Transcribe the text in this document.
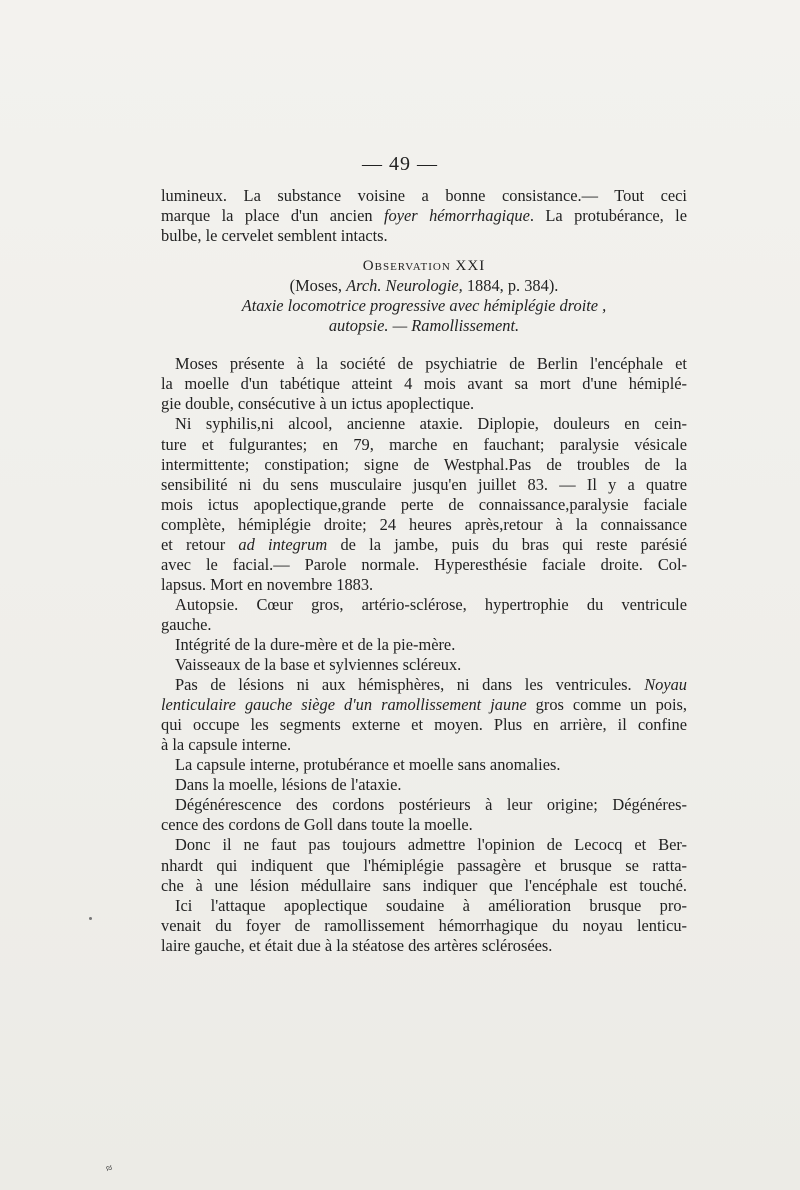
— 49 —
lumineux. La substance voisine a bonne consistance.— Tout ceci
marque la place d'un ancien foyer hémorrhagique. La protubérance, le
bulbe, le cervelet semblent intacts.
Observation XXI
(Moses, Arch. Neurologie, 1884, p. 384).
Ataxie locomotrice progressive avec hémiplégie droite ,
autopsie. — Ramollissement.
Moses présente à la société de psychiatrie de Berlin l'encéphale et
la moelle d'un tabétique atteint 4 mois avant sa mort d'une hémiplé-
gie double, consécutive à un ictus apoplectique.
Ni syphilis,ni alcool, ancienne ataxie. Diplopie, douleurs en cein-
ture et fulgurantes; en 79, marche en fauchant; paralysie vésicale
intermittente; constipation; signe de Westphal.Pas de troubles de la
sensibilité ni du sens musculaire jusqu'en juillet 83. — Il y a quatre
mois ictus apoplectique,grande perte de connaissance,paralysie faciale
complète, hémiplégie droite; 24 heures après,retour à la connaissance
et retour ad integrum de la jambe, puis du bras qui reste parésié
avec le facial.— Parole normale. Hyperesthésie faciale droite. Col-
lapsus. Mort en novembre 1883.
Autopsie. Cœur gros, artério-sclérose, hypertrophie du ventricule
gauche.
Intégrité de la dure-mère et de la pie-mère.
Vaisseaux de la base et sylviennes scléreux.
Pas de lésions ni aux hémisphères, ni dans les ventricules. Noyau
lenticulaire gauche siège d'un ramollissement jaune gros comme un pois,
qui occupe les segments externe et moyen. Plus en arrière, il confine
à la capsule interne.
La capsule interne, protubérance et moelle sans anomalies.
Dans la moelle, lésions de l'ataxie.
Dégénérescence des cordons postérieurs à leur origine; Dégénéres-
cence des cordons de Goll dans toute la moelle.
Donc il ne faut pas toujours admettre l'opinion de Lecocq et Ber-
nhardt qui indiquent que l'hémiplégie passagère et brusque se ratta-
che à une lésion médullaire sans indiquer que l'encéphale est touché.
Ici l'attaque apoplectique soudaine à amélioration brusque pro-
venait du foyer de ramollissement hémorrhagique du noyau lenticu-
laire gauche, et était due à la stéatose des artères sclérosées.
≈
